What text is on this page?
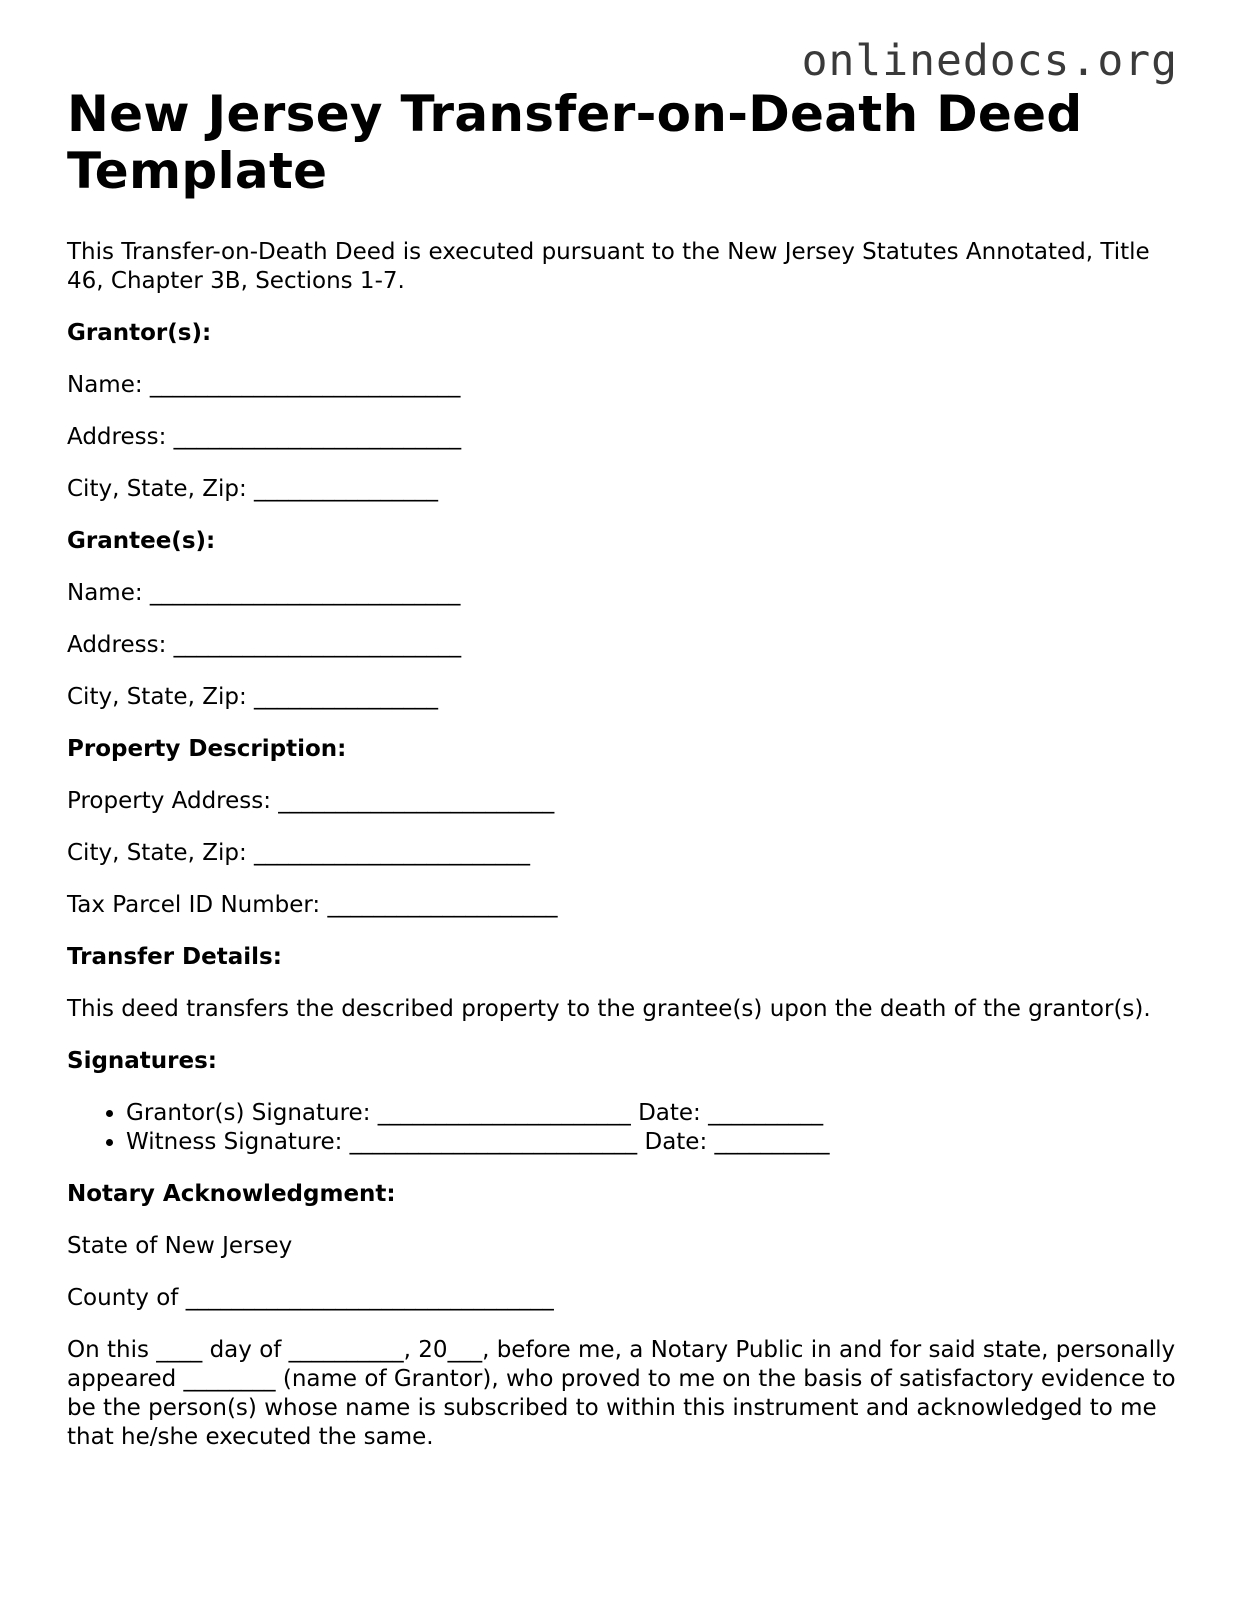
onlinedocs.org
New Jersey Transfer-on-Death Deed Template

This Transfer-on-Death Deed is executed pursuant to the New Jersey Statutes Annotated, Title 46, Chapter 3B, Sections 1-7.

Grantor(s):
Name: ___________________________
Address: _________________________
City, State, Zip: ________________
Grantee(s):
Name: ___________________________
Address: _________________________
City, State, Zip: ________________
Property Description:
Property Address: ________________________
City, State, Zip: ________________________
Tax Parcel ID Number: ____________________
Transfer Details:

This deed transfers the described property to the grantee(s) upon the death of the grantor(s).

Signatures:
• Grantor(s) Signature: ______________________ Date: __________
• Witness Signature: _________________________ Date: __________
Notary Acknowledgment:
State of New Jersey
County of ________________________________

On this ____ day of __________, 20___, before me, a Notary Public in and for said state, personally appeared ________ (name of Grantor), who proved to me on the basis of satisfactory evidence to be the person(s) whose name is subscribed to within this instrument and acknowledged to me that he/she executed the same.
